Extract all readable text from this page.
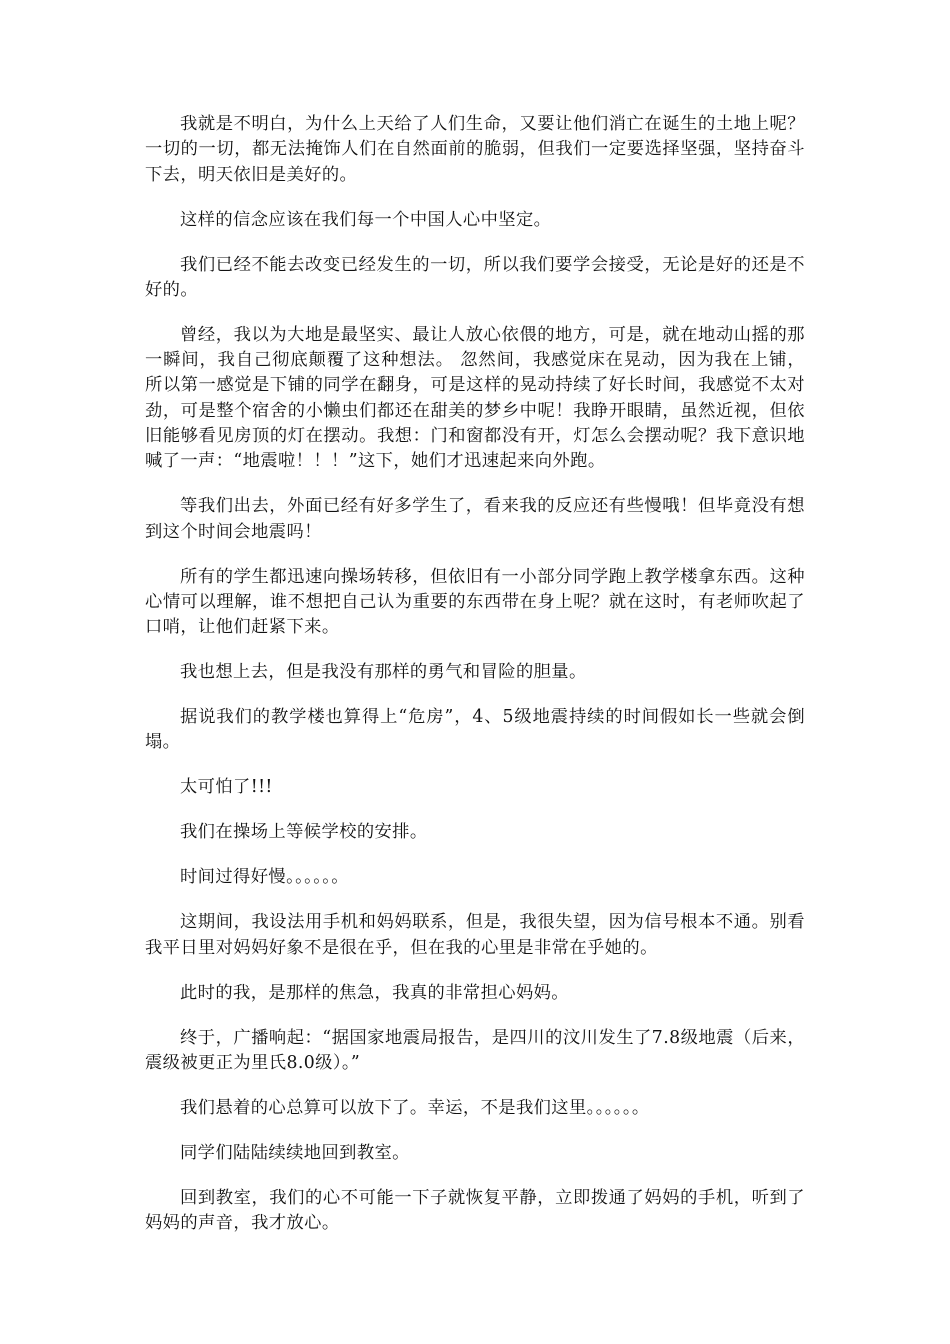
我就是不明白，为什么上天给了人们生命，又要让他们消亡在诞生的土地上呢？一切的一切，都无法掩饰人们在自然面前的脆弱，但我们一定要选择坚强，坚持奋斗下去，明天依旧是美好的。

这样的信念应该在我们每一个中国人心中坚定。

我们已经不能去改变已经发生的一切，所以我们要学会接受，无论是好的还是不好的。

曾经，我以为大地是最坚实、最让人放心依偎的地方，可是，就在地动山摇的那一瞬间，我自己彻底颠覆了这种想法。 忽然间，我感觉床在晃动，因为我在上铺，所以第一感觉是下铺的同学在翻身，可是这样的晃动持续了好长时间，我感觉不太对劲，可是整个宿舍的小懒虫们都还在甜美的梦乡中呢！我睁开眼睛，虽然近视，但依旧能够看见房顶的灯在摆动。我想：门和窗都没有开，灯怎么会摆动呢？我下意识地喊了一声：“地震啦！！！”这下，她们才迅速起来向外跑。

等我们出去，外面已经有好多学生了，看来我的反应还有些慢哦！但毕竟没有想到这个时间会地震吗！

所有的学生都迅速向操场转移，但依旧有一小部分同学跑上教学楼拿东西。这种心情可以理解，谁不想把自己认为重要的东西带在身上呢？就在这时，有老师吹起了口哨，让他们赶紧下来。

我也想上去，但是我没有那样的勇气和冒险的胆量。

据说我们的教学楼也算得上“危房”，4、5级地震持续的时间假如长一些就会倒塌。

太可怕了!!!

我们在操场上等候学校的安排。

时间过得好慢。。。。。。

这期间，我设法用手机和妈妈联系，但是，我很失望，因为信号根本不通。别看我平日里对妈妈好象不是很在乎，但在我的心里是非常在乎她的。

此时的我，是那样的焦急，我真的非常担心妈妈。

终于，广播响起：“据国家地震局报告，是四川的汶川发生了7.8级地震（后来，震级被更正为里氏8.0级）。”

我们悬着的心总算可以放下了。幸运，不是我们这里。。。。。。

同学们陆陆续续地回到教室。

回到教室，我们的心不可能一下子就恢复平静，立即拨通了妈妈的手机，听到了妈妈的声音，我才放心。
